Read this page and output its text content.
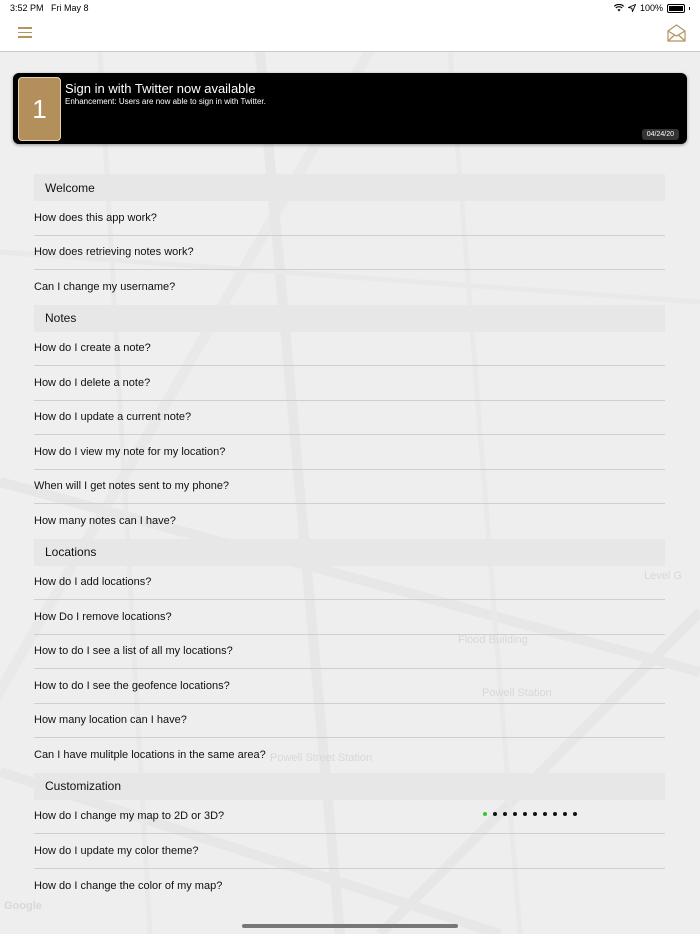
3:52 PM Fri May 8	100%
1
Sign in with Twitter now available
Enhancement: Users are now able to sign in with Twitter.
04/24/20
Welcome
How does this app work?
How does retrieving notes work?
Can I change my username?
Notes
How do I create a note?
How do I delete a note?
How do I update a current note?
How do I view my note for my location?
When will I get notes sent to my phone?
How many notes can I have?
Locations
How do I add locations?
How Do I remove locations?
How to do I see a list of all my locations?
How to do I see the geofence locations?
How many location can I have?
Can I have mulitple locations in the same area?
Customization
How do I change my map to 2D or 3D?
How do I update my color theme?
How do I change the color of my map?
